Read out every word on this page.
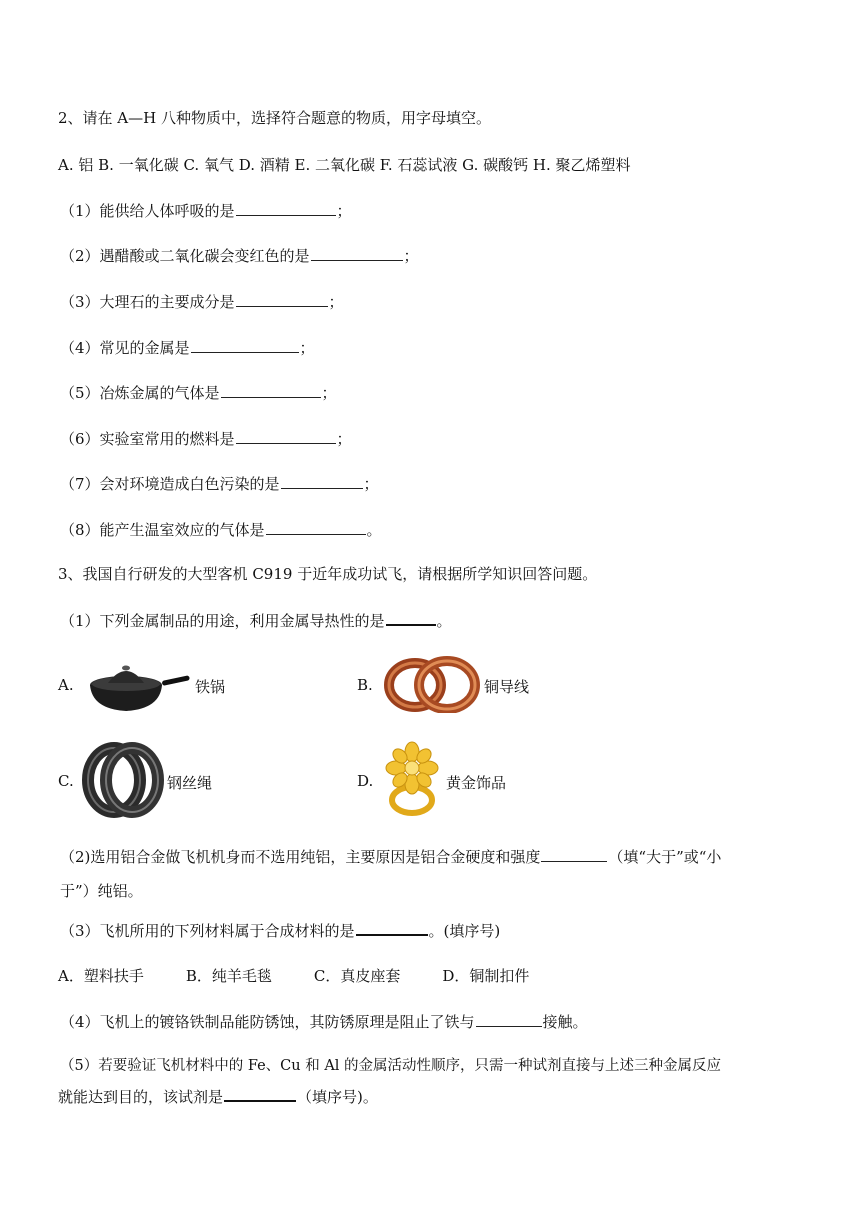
2、请在 A—H 八种物质中，选择符合题意的物质，用字母填空。
A. 铝 B. 一氧化碳 C. 氧气 D. 酒精 E. 二氧化碳 F. 石蕊试液 G. 碳酸钙 H. 聚乙烯塑料
（1）能供给人体呼吸的是	；
（2）遇醋酸或二氧化碳会变红色的是	；
（3）大理石的主要成分是	；
（4）常见的金属是	；
（5）冶炼金属的气体是	；
（6）实验室常用的燃料是	；
（7）会对环境造成白色污染的是	；
（8）能产生温室效应的气体是	。
3、我国自行研发的大型客机 C919 于近年成功试飞，请根据所学知识回答问题。
（1）下列金属制品的用途，利用金属导热性的是	。
A.	铁锅	B.	铜导线
C.	钢丝绳	D.	黄金饰品
（2)选用铝合金做飞机机身而不选用纯铝，主要原因是铝合金硬度和强度	（填“大于”或“小
于”）纯铝。
（3）飞机所用的下列材料属于合成材料的是	。(填序号)
A．塑料扶手	B．纯羊毛毯	C．真皮座套	D．铜制扣件
（4）飞机上的镀铬铁制品能防锈蚀，其防锈原理是阻止了铁与	接触。
（5）若要验证飞机材料中的 Fe、Cu 和 Al 的金属活动性顺序，只需一种试剂直接与上述三种金属反应
就能达到目的，该试剂是	（填序号)。
